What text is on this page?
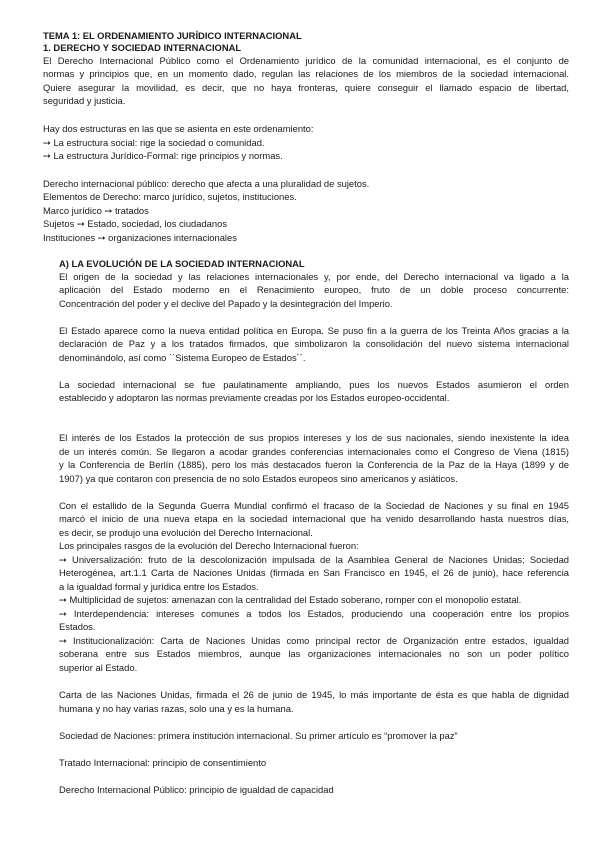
TEMA 1: EL ORDENAMIENTO JURÍDICO INTERNACIONAL
1. DERECHO Y SOCIEDAD INTERNACIONAL
El Derecho Internacional Público como el Ordenamiento jurídico de la comunidad internacional, es el conjunto de
normas y principios que, en un momento dado, regulan las relaciones de los miembros de la sociedad internacional.
Quiere asegurar la movilidad, es decir, que no haya fronteras, quiere conseguir el llamado espacio de libertad,
seguridad y justicia.
Hay dos estructuras en las que se asienta en este ordenamiento:
➙ La estructura social: rige la sociedad o comunidad.
➙ La estructura Jurídico-Formal: rige principios y normas.
Derecho internacional público: derecho que afecta a una pluralidad de sujetos.
Elementos de Derecho: marco jurídico, sujetos, instituciones.
Marco jurídico ➙ tratados
Sujetos ➙ Estado, sociedad, los ciudadanos
Instituciones ➙ organizaciones internacionales
A) LA EVOLUCIÓN DE LA SOCIEDAD INTERNACIONAL
El origen de la sociedad y las relaciones internacionales y, por ende, del Derecho internacional va ligado a la
aplicación del Estado moderno en el Renacimiento europeo, fruto de un doble proceso concurrente:
Concentración del poder y el declive del Papado y la desintegración del Imperio.
El Estado aparece como la nueva entidad política en Europa. Se puso fin a la guerra de los Treinta Años gracias a la
declaración de Paz y a los tratados firmados, que simbolizaron la consolidación del nuevo sistema internacional
denominándolo, así como ``Sistema Europeo de Estados´´.
La sociedad internacional se fue paulatinamente ampliando, pues los nuevos Estados asumieron el orden
establecido y adoptaron las normas previamente creadas por los Estados europeo-occidental.
El interés de los Estados la protección de sus propios intereses y los de sus nacionales, siendo inexistente la idea
de un interés común. Se llegaron a acodar grandes conferencias internacionales como el Congreso de Viena (1815)
y la Conferencia de Berlín (1885), pero los más destacados fueron la Conferencia de la Paz de la Haya (1899 y de
1907) ya que contaron con presencia de no solo Estados europeos sino americanos y asiáticos.
Con el estallido de la Segunda Guerra Mundial confirmó el fracaso de la Sociedad de Naciones y su final en 1945
marcó el inicio de una nueva etapa en la sociedad internacional que ha venido desarrollando hasta nuestros días,
es decir, se produjo una evolución del Derecho Internacional.
Los principales rasgos de la evolución del Derecho Internacional fueron:
➙ Universalización: fruto de la descolonización impulsada de la Asamblea General de Naciones Unidas; Sociedad
Heterogénea, art.1.1 Carta de Naciones Unidas (firmada en San Francisco en 1945, el 26 de junio), hace referencia
a la igualdad formal y jurídica entre los Estados.
➙ Multiplicidad de sujetos: amenazan con la centralidad del Estado soberano, romper con el monopolio estatal.
➙ Interdependencia: intereses comunes a todos los Estados, produciendo una cooperación entre los propios
Estados.
➙ Institucionalización: Carta de Naciones Unidas como principal rector de Organización entre estados, igualdad
soberana entre sus Estados miembros, aunque las organizaciones internacionales no son un poder político
superior al Estado.
Carta de las Naciones Unidas, firmada el 26 de junio de 1945, lo más importante de ésta es que habla de dignidad
humana y no hay varias razas, solo una y es la humana.
Sociedad de Naciones: primera institución internacional. Su primer artículo es “promover la paz”
Tratado Internacional: principio de consentimiento
Derecho Internacional Público: principio de igualdad de capacidad
